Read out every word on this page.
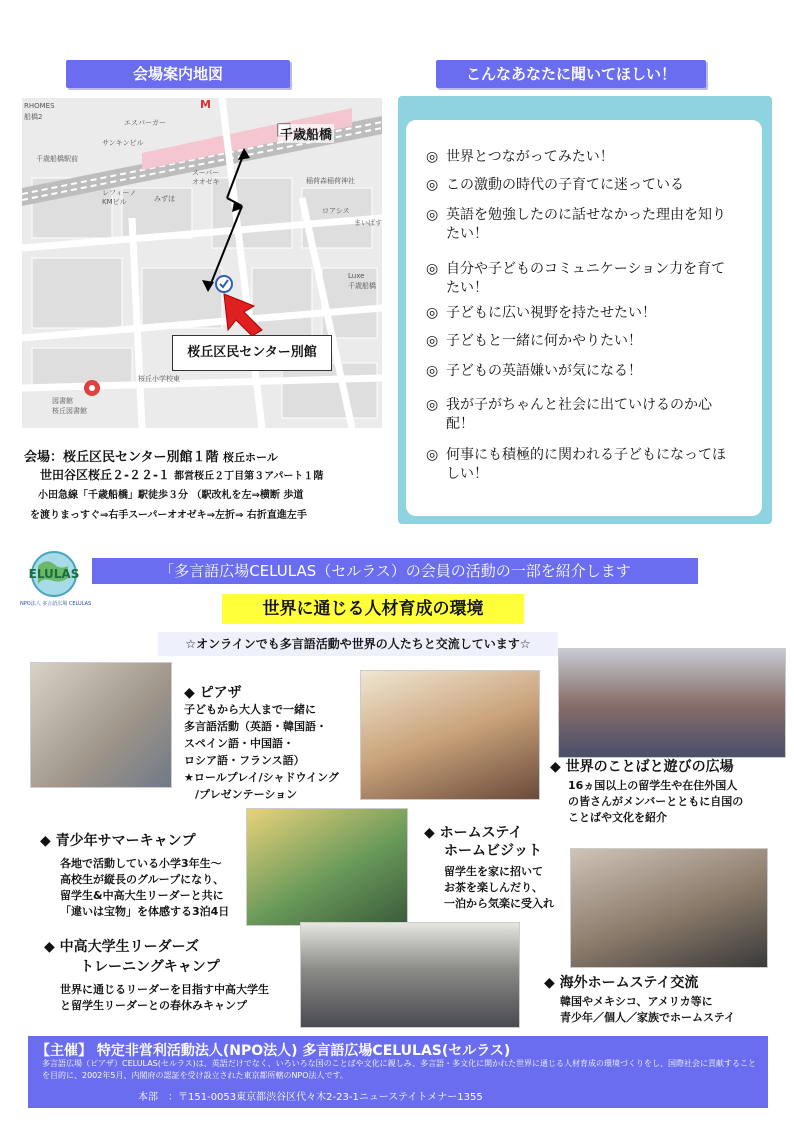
会場案内地図	こんなあなたに聞いてほしい！
M
RHOMES
船橋2
エスパーガー
サンキンビル
千歳船橋駅前
レフィーノ
KMビル	みずほ
スーパー
オオゼキ	稲荷森稲荷神社
ロアシス
まいばす
Luxe
千歳船橋
桜丘小学校東
図書館
桜丘図書館
千歳船橋
桜丘区民センター別館
会場：桜丘区民センター別館１階 桜丘ホール
世田谷区桜丘２-２２-１ 都営桜丘２丁目第３アパート１階
小田急線「千歳船橋」駅徒歩３分 （駅改札を左⇒横断 歩道
を渡りまっすぐ⇒右手スーパーオオゼキ⇒左折⇒ 右折直進左手
◎ 世界とつながってみたい！
◎ この激動の時代の子育てに迷っている
◎ 英語を勉強したのに話せなかった理由を知りたい！
◎ 自分や子どものコミュニケーション力を育てたい！
◎ 子どもに広い視野を持たせたい！
◎ 子どもと一緒に何かやりたい！
◎ 子どもの英語嫌いが気になる！
◎ 我が子がちゃんと社会に出ていけるのか心配！
◎ 何事にも積極的に関われる子どもになってほしい！
ELULAS
NPO法人 多言語広場 CELULAS
「多言語広場CELULAS（セルラス）の会員の活動の一部を紹介します
世界に通じる人材育成の環境
☆オンラインでも多言語活動や世界の人たちと交流しています☆
◆ ピアザ
子どもから大人まで一緒に
多言語活動（英語・韓国語・
スペイン語・中国語・
ロシア語・フランス語）
★ロールプレイ/シャドウイング
　/プレゼンテーション
◆ 世界のことばと遊びの広場
16ヵ国以上の留学生や在住外国人
の皆さんがメンバーとともに自国の
ことばや文化を紹介
◆ 青少年サマーキャンプ
各地で活動している小学3年生〜
高校生が縦長のグループになり、
留学生&中高大生リーダーと共に
「違いは宝物」を体感する3泊4日
◆ ホームステイ
ホームビジット
留学生を家に招いて
お茶を楽しんだり、
一泊から気楽に受入れ
◆ 中高大学生リーダーズ
トレーニングキャンプ
世界に通じるリーダーを目指す中高大学生
と留学生リーダーとの春休みキャンプ
◆ 海外ホームステイ交流
韓国やメキシコ、アメリカ等に
青少年／個人／家族でホームステイ
【主催】 特定非営利活動法人(NPO法人) 多言語広場CELULAS(セルラス)
多言語広場（ピアザ）CELULAS(セルラス)は、英語だけでなく、いろいろな国のことばや文化に親しみ、多言語・多文化に開かれた世界に通じる人材育成の環境づくりをし、国際社会に貢献することを目的に、2002年5月、内閣府の認証を受け設立された東京都所轄のNPO法人です。
本部　：〒151-0053東京都渋谷区代々木2-23-1ニューステイトメナー1355
